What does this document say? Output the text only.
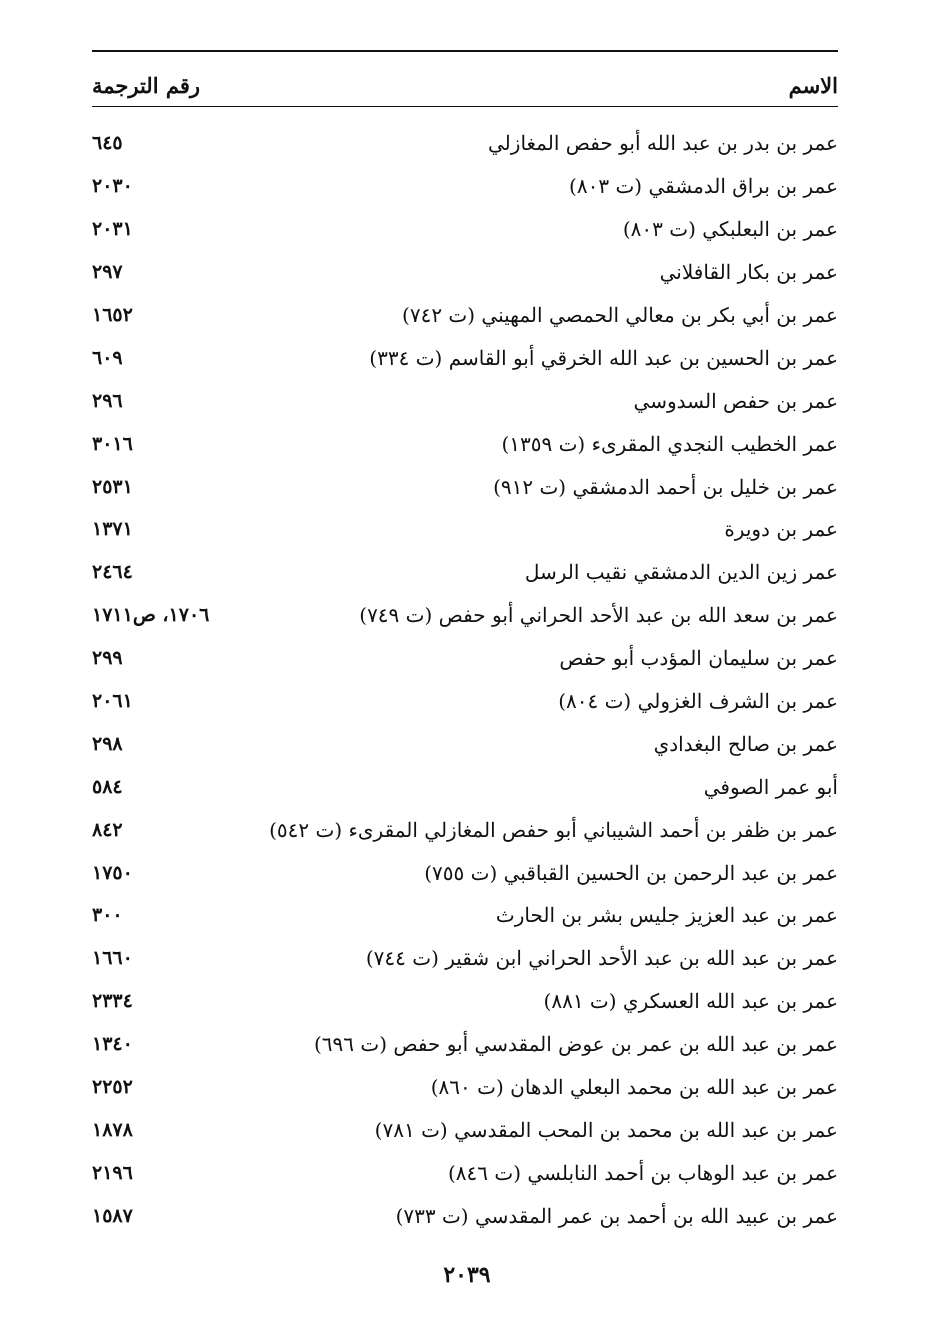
الاسم
رقم الترجمة
عمر بن بدر بن عبد الله أبو حفص المغازلي
٦٤٥
عمر بن براق الدمشقي (ت ٨٠٣)
٢٠٣٠
عمر بن البعلبكي (ت ٨٠٣)
٢٠٣١
عمر بن بكار القافلاني
٢٩٧
عمر بن أبي بكر بن معالي الحمصي المهيني (ت ٧٤٢)
١٦٥٢
عمر بن الحسين بن عبد الله الخرقي أبو القاسم (ت ٣٣٤)
٦٠٩
عمر بن حفص السدوسي
٢٩٦
عمر الخطيب النجدي المقرىء (ت ١٣٥٩)
٣٠١٦
عمر بن خليل بن أحمد الدمشقي (ت ٩١٢)
٢٥٣١
عمر بن دويرة
١٣٧١
عمر زين الدين الدمشقي نقيب الرسل
٢٤٦٤
عمر بن سعد الله بن عبد الأحد الحراني أبو حفص (ت ٧٤٩)
١٧٠٦، ص١٧١١
عمر بن سليمان المؤدب أبو حفص
٢٩٩
عمر بن الشرف الغزولي (ت ٨٠٤)
٢٠٦١
عمر بن صالح البغدادي
٢٩٨
أبو عمر الصوفي
٥٨٤
عمر بن ظفر بن أحمد الشيباني أبو حفص المغازلي المقرىء (ت ٥٤٢)
٨٤٢
عمر بن عبد الرحمن بن الحسين القباقبي (ت ٧٥٥)
١٧٥٠
عمر بن عبد العزيز جليس بشر بن الحارث
٣٠٠
عمر بن عبد الله بن عبد الأحد الحراني ابن شقير (ت ٧٤٤)
١٦٦٠
عمر بن عبد الله العسكري (ت ٨٨١)
٢٣٣٤
عمر بن عبد الله بن عمر بن عوض المقدسي أبو حفص (ت ٦٩٦)
١٣٤٠
عمر بن عبد الله بن محمد البعلي الدهان (ت ٨٦٠)
٢٢٥٢
عمر بن عبد الله بن محمد بن المحب المقدسي (ت ٧٨١)
١٨٧٨
عمر بن عبد الوهاب بن أحمد النابلسي (ت ٨٤٦)
٢١٩٦
عمر بن عبيد الله بن أحمد بن عمر المقدسي (ت ٧٣٣)
١٥٨٧
٢٠٣٩
